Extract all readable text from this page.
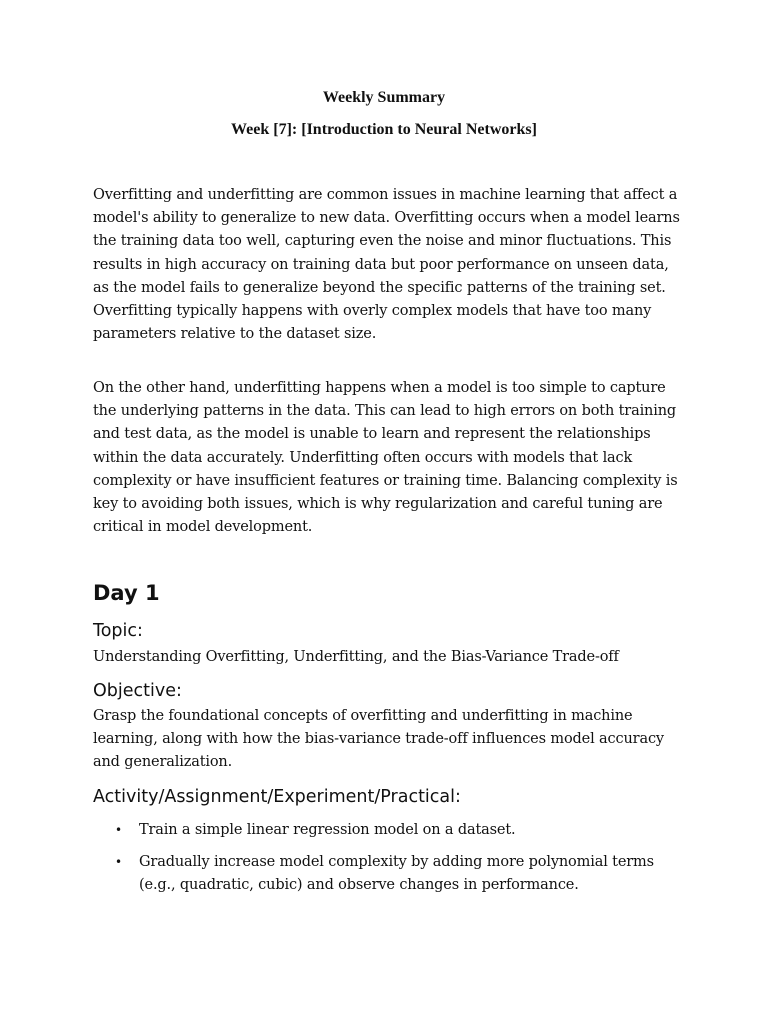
Weekly Summary
Week [7]: [Introduction to Neural Networks]

Overfitting and underfitting are common issues in machine learning that affect a model's ability to generalize to new data. Overfitting occurs when a model learns the training data too well, capturing even the noise and minor fluctuations. This results in high accuracy on training data but poor performance on unseen data, as the model fails to generalize beyond the specific patterns of the training set. Overfitting typically happens with overly complex models that have too many parameters relative to the dataset size.

On the other hand, underfitting happens when a model is too simple to capture the underlying patterns in the data. This can lead to high errors on both training and test data, as the model is unable to learn and represent the relationships within the data accurately. Underfitting often occurs with models that lack complexity or have insufficient features or training time. Balancing complexity is key to avoiding both issues, which is why regularization and careful tuning are critical in model development.

Day 1
Topic:

Understanding Overfitting, Underfitting, and the Bias-Variance Trade-off

Objective:

Grasp the foundational concepts of overfitting and underfitting in machine learning, along with how the bias-variance trade-off influences model accuracy and generalization.

Activity/Assignment/Experiment/Practical:
• Train a simple linear regression model on a dataset.
• Gradually increase model complexity by adding more polynomial terms (e.g., quadratic, cubic) and observe changes in performance.
